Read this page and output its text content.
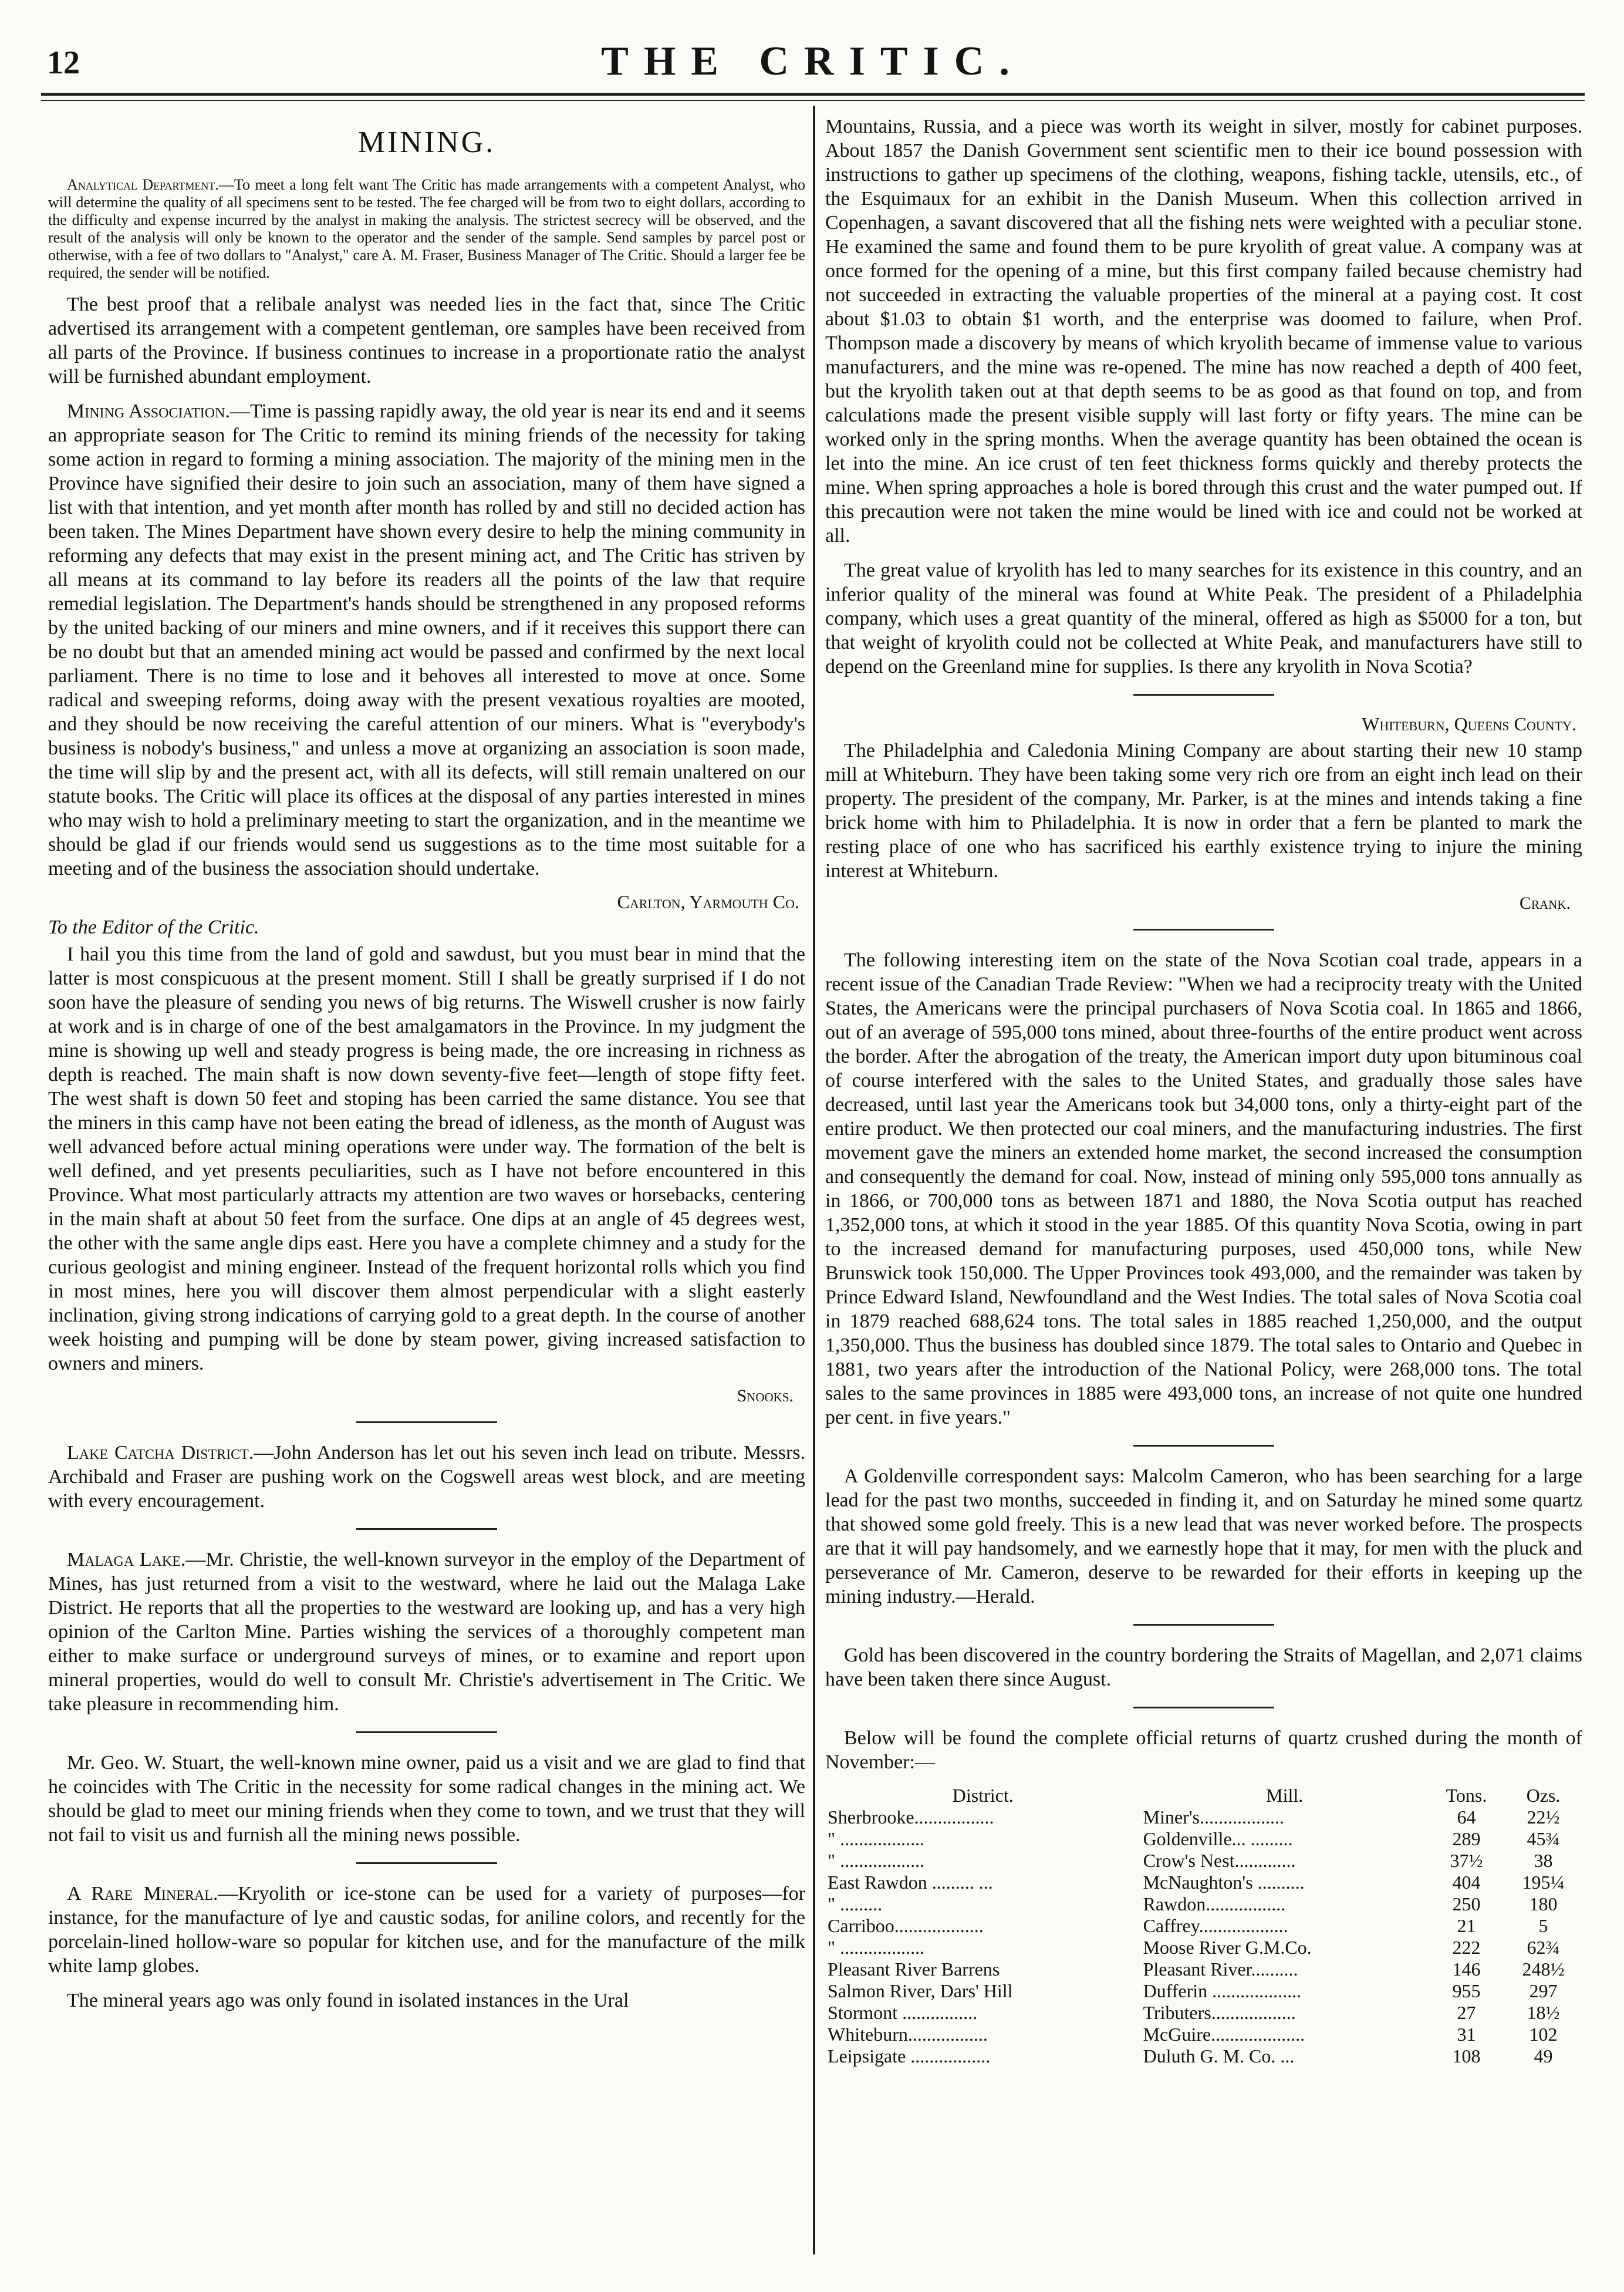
12	THE CRITIC.
MINING.

Analytical Department.—To meet a long felt want The Critic has made arrangements with a competent Analyst, who will determine the quality of all specimens sent to be tested. The fee charged will be from two to eight dollars, according to the difficulty and expense incurred by the analyst in making the analysis. The strictest secrecy will be observed, and the result of the analysis will only be known to the operator and the sender of the sample. Send samples by parcel post or otherwise, with a fee of two dollars to "Analyst," care A. M. Fraser, Business Manager of The Critic. Should a larger fee be required, the sender will be notified.

The best proof that a relibale analyst was needed lies in the fact that, since The Critic advertised its arrangement with a competent gentleman, ore samples have been received from all parts of the Province. If business continues to increase in a proportionate ratio the analyst will be furnished abundant employment.

Mining Association.—Time is passing rapidly away, the old year is near its end and it seems an appropriate season for The Critic to remind its mining friends of the necessity for taking some action in regard to forming a mining association. The majority of the mining men in the Province have signified their desire to join such an association, many of them have signed a list with that intention, and yet month after month has rolled by and still no decided action has been taken. The Mines Department have shown every desire to help the mining community in reforming any defects that may exist in the present mining act, and The Critic has striven by all means at its command to lay before its readers all the points of the law that require remedial legislation. The Department's hands should be strengthened in any proposed reforms by the united backing of our miners and mine owners, and if it receives this support there can be no doubt but that an amended mining act would be passed and confirmed by the next local parliament. There is no time to lose and it behoves all interested to move at once. Some radical and sweeping reforms, doing away with the present vexatious royalties are mooted, and they should be now receiving the careful attention of our miners. What is "everybody's business is nobody's business," and unless a move at organizing an association is soon made, the time will slip by and the present act, with all its defects, will still remain unaltered on our statute books. The Critic will place its offices at the disposal of any parties interested in mines who may wish to hold a preliminary meeting to start the organization, and in the meantime we should be glad if our friends would send us suggestions as to the time most suitable for a meeting and of the business the association should undertake.

Carlton, Yarmouth Co.
To the Editor of the Critic.

I hail you this time from the land of gold and sawdust, but you must bear in mind that the latter is most conspicuous at the present moment. Still I shall be greatly surprised if I do not soon have the pleasure of sending you news of big returns. The Wiswell crusher is now fairly at work and is in charge of one of the best amalgamators in the Province. In my judgment the mine is showing up well and steady progress is being made, the ore increasing in richness as depth is reached. The main shaft is now down seventy-five feet—length of stope fifty feet. The west shaft is down 50 feet and stoping has been carried the same distance. You see that the miners in this camp have not been eating the bread of idleness, as the month of August was well advanced before actual mining operations were under way. The formation of the belt is well defined, and yet presents peculiarities, such as I have not before encountered in this Province. What most particularly attracts my attention are two waves or horsebacks, centering in the main shaft at about 50 feet from the surface. One dips at an angle of 45 degrees west, the other with the same angle dips east. Here you have a complete chimney and a study for the curious geologist and mining engineer. Instead of the frequent horizontal rolls which you find in most mines, here you will discover them almost perpendicular with a slight easterly inclination, giving strong indications of carrying gold to a great depth. In the course of another week hoisting and pumping will be done by steam power, giving increased satisfaction to owners and miners.

Snooks.

Lake Catcha District.—John Anderson has let out his seven inch lead on tribute. Messrs. Archibald and Fraser are pushing work on the Cogswell areas west block, and are meeting with every encouragement.

Malaga Lake.—Mr. Christie, the well-known surveyor in the employ of the Department of Mines, has just returned from a visit to the westward, where he laid out the Malaga Lake District. He reports that all the properties to the westward are looking up, and has a very high opinion of the Carlton Mine. Parties wishing the services of a thoroughly competent man either to make surface or underground surveys of mines, or to examine and report upon mineral properties, would do well to consult Mr. Christie's advertisement in The Critic. We take pleasure in recommending him.

Mr. Geo. W. Stuart, the well-known mine owner, paid us a visit and we are glad to find that he coincides with The Critic in the necessity for some radical changes in the mining act. We should be glad to meet our mining friends when they come to town, and we trust that they will not fail to visit us and furnish all the mining news possible.

A Rare Mineral.—Kryolith or ice-stone can be used for a variety of purposes—for instance, for the manufacture of lye and caustic sodas, for aniline colors, and recently for the porcelain-lined hollow-ware so popular for kitchen use, and for the manufacture of the milk white lamp globes.

The mineral years ago was only found in isolated instances in the Ural

Mountains, Russia, and a piece was worth its weight in silver, mostly for cabinet purposes. About 1857 the Danish Government sent scientific men to their ice bound possession with instructions to gather up specimens of the clothing, weapons, fishing tackle, utensils, etc., of the Esquimaux for an exhibit in the Danish Museum. When this collection arrived in Copenhagen, a savant discovered that all the fishing nets were weighted with a peculiar stone. He examined the same and found them to be pure kryolith of great value. A company was at once formed for the opening of a mine, but this first company failed because chemistry had not succeeded in extracting the valuable properties of the mineral at a paying cost. It cost about $1.03 to obtain $1 worth, and the enterprise was doomed to failure, when Prof. Thompson made a discovery by means of which kryolith became of immense value to various manufacturers, and the mine was re-opened. The mine has now reached a depth of 400 feet, but the kryolith taken out at that depth seems to be as good as that found on top, and from calculations made the present visible supply will last forty or fifty years. The mine can be worked only in the spring months. When the average quantity has been obtained the ocean is let into the mine. An ice crust of ten feet thickness forms quickly and thereby protects the mine. When spring approaches a hole is bored through this crust and the water pumped out. If this precaution were not taken the mine would be lined with ice and could not be worked at all.

The great value of kryolith has led to many searches for its existence in this country, and an inferior quality of the mineral was found at White Peak. The president of a Philadelphia company, which uses a great quantity of the mineral, offered as high as $5000 for a ton, but that weight of kryolith could not be collected at White Peak, and manufacturers have still to depend on the Greenland mine for supplies. Is there any kryolith in Nova Scotia?

Whiteburn, Queens County.

The Philadelphia and Caledonia Mining Company are about starting their new 10 stamp mill at Whiteburn. They have been taking some very rich ore from an eight inch lead on their property. The president of the company, Mr. Parker, is at the mines and intends taking a fine brick home with him to Philadelphia. It is now in order that a fern be planted to mark the resting place of one who has sacrificed his earthly existence trying to injure the mining interest at Whiteburn.

Crank.

The following interesting item on the state of the Nova Scotian coal trade, appears in a recent issue of the Canadian Trade Review: "When we had a reciprocity treaty with the United States, the Americans were the principal purchasers of Nova Scotia coal. In 1865 and 1866, out of an average of 595,000 tons mined, about three-fourths of the entire product went across the border. After the abrogation of the treaty, the American import duty upon bituminous coal of course interfered with the sales to the United States, and gradually those sales have decreased, until last year the Americans took but 34,000 tons, only a thirty-eight part of the entire product. We then protected our coal miners, and the manufacturing industries. The first movement gave the miners an extended home market, the second increased the consumption and consequently the demand for coal. Now, instead of mining only 595,000 tons annually as in 1866, or 700,000 tons as between 1871 and 1880, the Nova Scotia output has reached 1,352,000 tons, at which it stood in the year 1885. Of this quantity Nova Scotia, owing in part to the increased demand for manufacturing purposes, used 450,000 tons, while New Brunswick took 150,000. The Upper Provinces took 493,000, and the remainder was taken by Prince Edward Island, Newfoundland and the West Indies. The total sales of Nova Scotia coal in 1879 reached 688,624 tons. The total sales in 1885 reached 1,250,000, and the output 1,350,000. Thus the business has doubled since 1879. The total sales to Ontario and Quebec in 1881, two years after the introduction of the National Policy, were 268,000 tons. The total sales to the same provinces in 1885 were 493,000 tons, an increase of not quite one hundred per cent. in five years."

A Goldenville correspondent says: Malcolm Cameron, who has been searching for a large lead for the past two months, succeeded in finding it, and on Saturday he mined some quartz that showed some gold freely. This is a new lead that was never worked before. The prospects are that it will pay handsomely, and we earnestly hope that it may, for men with the pluck and perseverance of Mr. Cameron, deserve to be rewarded for their efforts in keeping up the mining industry.—Herald.

Gold has been discovered in the country bordering the Straits of Magellan, and 2,071 claims have been taken there since August.

Below will be found the complete official returns of quartz crushed during the month of November:—

District.	Mill.	Tons.	Ozs.
Sherbrooke.................	Miner's..................	64	22½
" ..................	Goldenville... .........	289	45¾
" ..................	Crow's Nest.............	37½	38
East Rawdon ......... ...	McNaughton's ..........	404	195¼
" .........	Rawdon.................	250	180
Carriboo...................	Caffrey...................	21	5
" ..................	Moose River G.M.Co.	222	62¾
Pleasant River Barrens	Pleasant River..........	146	248½
Salmon River, Dars' Hill	Dufferin ...................	955	297
Stormont ................	Tributers..................	27	18½
Whiteburn.................	McGuire....................	31	102
Leipsigate .................	Duluth G. M. Co. ...	108	49
